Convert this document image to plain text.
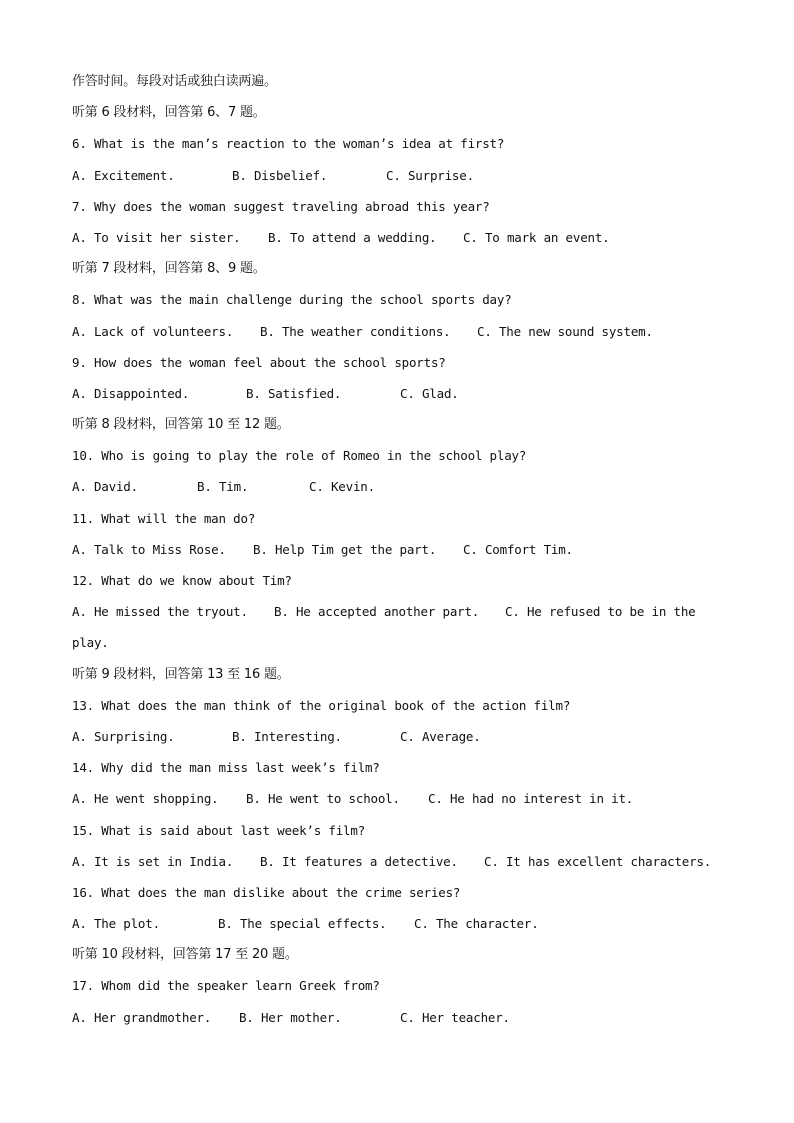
作答时间。每段对话或独白读两遍。
听第 6 段材料，回答第 6、7 题。
6. What is the man’s reaction to the woman’s idea at first?
A. Excitement.	B. Disbelief.	C. Surprise.
7. Why does the woman suggest traveling abroad this year?
A. To visit her sister. B. To attend a wedding. C. To mark an event.
听第 7 段材料，回答第 8、9 题。
8. What was the main challenge during the school sports day?
A. Lack of volunteers. B. The weather conditions. C. The new sound system.
9. How does the woman feel about the school sports?
A. Disappointed.	B. Satisfied.	C. Glad.
听第 8 段材料，回答第 10 至 12 题。
10. Who is going to play the role of Romeo in the school play?
A. David.	B. Tim.	C. Kevin.
11. What will the man do?
A. Talk to Miss Rose. B. Help Tim get the part. C. Comfort Tim.
12. What do we know about Tim?
A. He missed the tryout. B. He accepted another part. C. He refused to be in the
play.
听第 9 段材料，回答第 13 至 16 题。
13. What does the man think of the original book of the action film?
A. Surprising.	B. Interesting.	C. Average.
14. Why did the man miss last week’s film?
A. He went shopping. B. He went to school. C. He had no interest in it.
15. What is said about last week’s film?
A. It is set in India. B. It features a detective. C. It has excellent characters.
16. What does the man dislike about the crime series?
A. The plot.	B. The special effects. C. The character.
听第 10 段材料，回答第 17 至 20 题。
17. Whom did the speaker learn Greek from?
A. Her grandmother. B. Her mother.	C. Her teacher.
